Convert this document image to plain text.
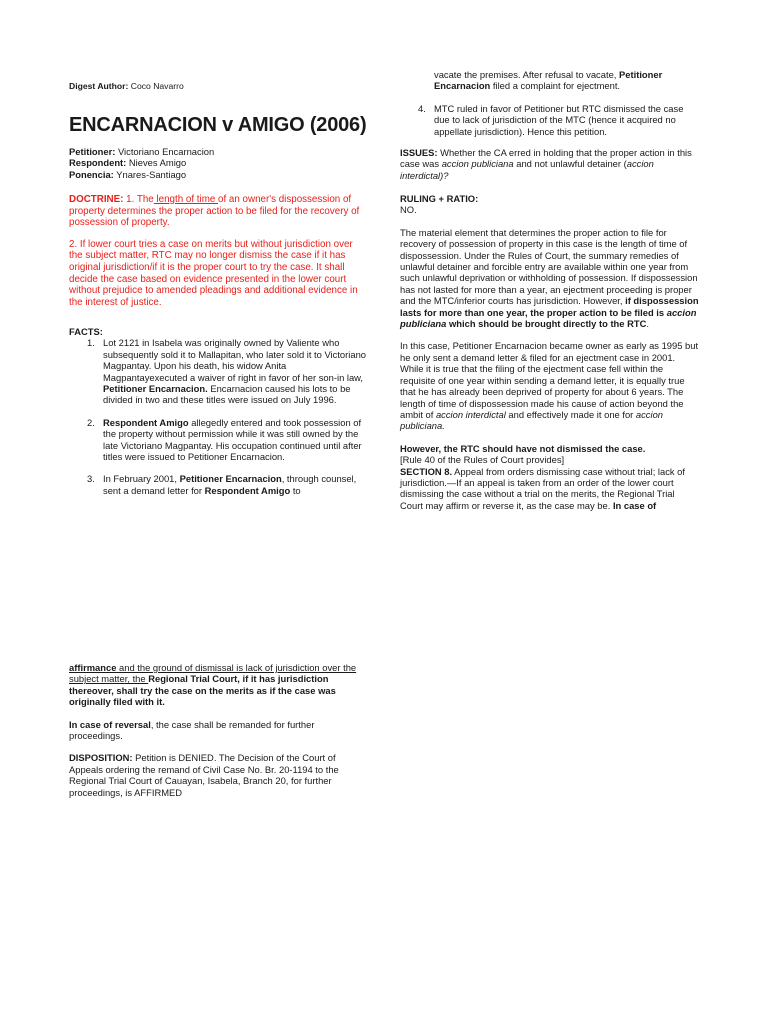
Digest Author: Coco Navarro
ENCARNACION v AMIGO (2006)

Petitioner: Victoriano Encarnacion

Respondent: Nieves Amigo

Ponencia: Ynares-Santiago

DOCTRINE: 1. The length of time of an owner's dispossession of property determines the proper action to be filed for the recovery of possession of property.

2. If lower court tries a case on merits but without jurisdiction over the subject matter, RTC may no longer dismiss the case if it has original jurisdiction/if it is the proper court to try the case. It shall decide the case based on evidence presented in the lower court without prejudice to amended pleadings and additional evidence in the interest of justice.

FACTS:

1. Lot 2121 in Isabela was originally owned by Valiente who subsequently sold it to Mallapitan, who later sold it to Victoriano Magpantay. Upon his death, his widow Anita Magpantayexecuted a waiver of right in favor of her son-in law, Petitioner Encarnacion. Encarnacion caused his lots to be divided in two and these titles were issued on July 1996.
2. Respondent Amigo allegedly entered and took possession of the property without permission while it was still owned by the late Victoriano Magpantay. His occupation continued until after titles were issued to Petitioner Encarnacion.
3. In February 2001, Petitioner Encarnacion, through counsel, sent a demand letter for Respondent Amigo to

vacate the premises. After refusal to vacate, Petitioner Encarnacion filed a complaint for ejectment.

4. MTC ruled in favor of Petitioner but RTC dismissed the case due to lack of jurisdiction of the MTC (hence it acquired no appellate jurisdiction). Hence this petition.

ISSUES: Whether the CA erred in holding that the proper action in this case was accion publiciana and not unlawful detainer (accion interdictal)?

RULING + RATIO:

NO.

The material element that determines the proper action to file for recovery of possession of property in this case is the length of time of dispossession. Under the Rules of Court, the summary remedies of unlawful detainer and forcible entry are available within one year from such unlawful deprivation or withholding of possession. If dispossession has not lasted for more than a year, an ejectment proceeding is proper and the MTC/inferior courts has jurisdiction. However, if dispossession lasts for more than one year, the proper action to be filed is accion publiciana which should be brought directly to the RTC.

In this case, Petitioner Encarnacion became owner as early as 1995 but he only sent a demand letter & filed for an ejectment case in 2001. While it is true that the filing of the ejectment case fell within the requisite of one year within sending a demand letter, it is equally true that he has already been deprived of property for about 6 years. The length of time of dispossession made his cause of action beyond the ambit of accion interdictal and effectively made it one for accion publiciana.

However, the RTC should have not dismissed the case.

[Rule 40 of the Rules of Court provides]
SECTION 8. Appeal from orders dismissing case without trial; lack of jurisdiction.—If an appeal is taken from an order of the lower court dismissing the case without a trial on the merits, the Regional Trial Court may affirm or reverse it, as the case may be. In case of

affirmance and the ground of dismissal is lack of jurisdiction over the subject matter, the Regional Trial Court, if it has jurisdiction thereover, shall try the case on the merits as if the case was originally filed with it.

In case of reversal, the case shall be remanded for further proceedings.

DISPOSITION: Petition is DENIED. The Decision of the Court of Appeals ordering the remand of Civil Case No. Br. 20-1194 to the Regional Trial Court of Cauayan, Isabela, Branch 20, for further proceedings, is AFFIRMED
